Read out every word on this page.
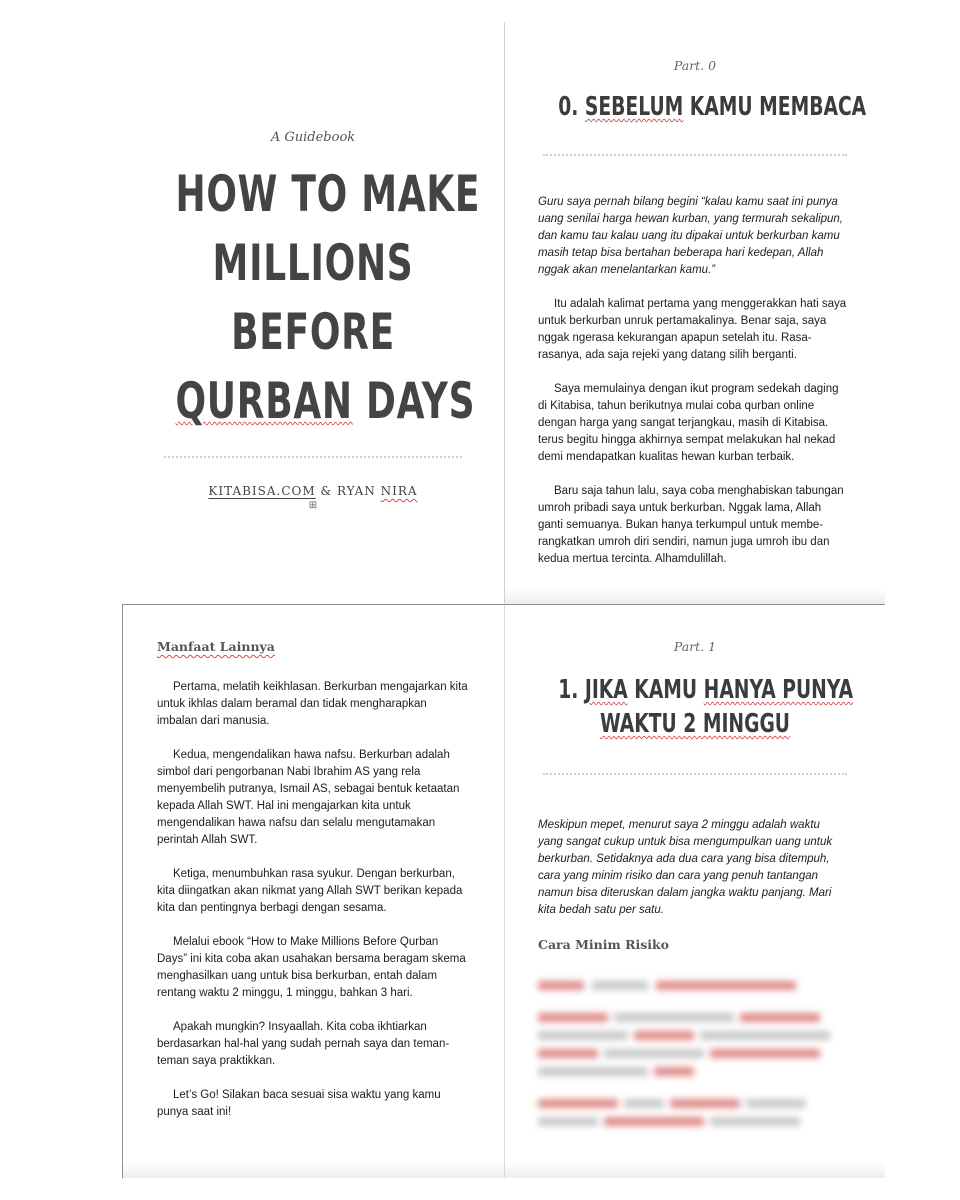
A Guidebook
HOW TO MAKE
MILLIONS
BEFORE
QURBAN DAYS
KITABISA.COM & RYAN NIRA
⊞
Part. 0
0. SEBELUM KAMU MEMBACA

Guru saya pernah bilang begini “kalau kamu saat ini punya uang senilai harga hewan kurban, yang termurah sekalipun, dan kamu tau kalau uang itu dipakai untuk berkurban kamu masih tetap bisa bertahan beberapa hari kedepan, Allah nggak akan menelantarkan kamu.”

Itu adalah kalimat pertama yang menggerakkan hati saya untuk berkurban unruk pertamakalinya. Benar saja, saya nggak ngerasa kekurangan apapun setelah itu. Rasa-rasanya, ada saja rejeki yang datang silih berganti.

Saya memulainya dengan ikut program sedekah daging di Kitabisa, tahun berikutnya mulai coba qurban online dengan harga yang sangat terjangkau, masih di Kitabisa. terus begitu hingga akhirnya sempat melakukan hal nekad demi mendapatkan kualitas hewan kurban terbaik.

Baru saja tahun lalu, saya coba menghabiskan tabungan umroh pribadi saya untuk berkurban. Nggak lama, Allah ganti semuanya. Bukan hanya terkumpul untuk membe-rangkatkan umroh diri sendiri, namun juga umroh ibu dan kedua mertua tercinta. Alhamdulillah.

Manfaat Lainnya

Pertama, melatih keikhlasan. Berkurban mengajarkan kita untuk ikhlas dalam beramal dan tidak mengharapkan imbalan dari manusia.

Kedua, mengendalikan hawa nafsu. Berkurban adalah simbol dari pengorbanan Nabi Ibrahim AS yang rela menyembelih putranya, Ismail AS, sebagai bentuk ketaatan kepada Allah SWT. Hal ini mengajarkan kita untuk mengendalikan hawa nafsu dan selalu mengutamakan perintah Allah SWT.

Ketiga, menumbuhkan rasa syukur. Dengan berkurban, kita diingatkan akan nikmat yang Allah SWT berikan kepada kita dan pentingnya berbagi dengan sesama.

Melalui ebook “How to Make Millions Before Qurban Days” ini kita coba akan usahakan bersama beragam skema menghasilkan uang untuk bisa berkurban, entah dalam rentang waktu 2 minggu, 1 minggu, bahkan 3 hari.

Apakah mungkin? Insyaallah. Kita coba ikhtiarkan berdasarkan hal-hal yang sudah pernah saya dan teman-teman saya praktikkan.

Let’s Go! Silakan baca sesuai sisa waktu yang kamu punya saat ini!

Part. 1
1. JIKA KAMU HANYA PUNYA
WAKTU 2 MINGGU

Meskipun mepet, menurut saya 2 minggu adalah waktu yang sangat cukup untuk bisa mengumpulkan uang untuk berkurban. Setidaknya ada dua cara yang bisa ditempuh, cara yang minim risiko dan cara yang penuh tantangan namun bisa diteruskan dalam jangka waktu panjang. Mari kita bedah satu per satu.

Cara Minim Risiko
